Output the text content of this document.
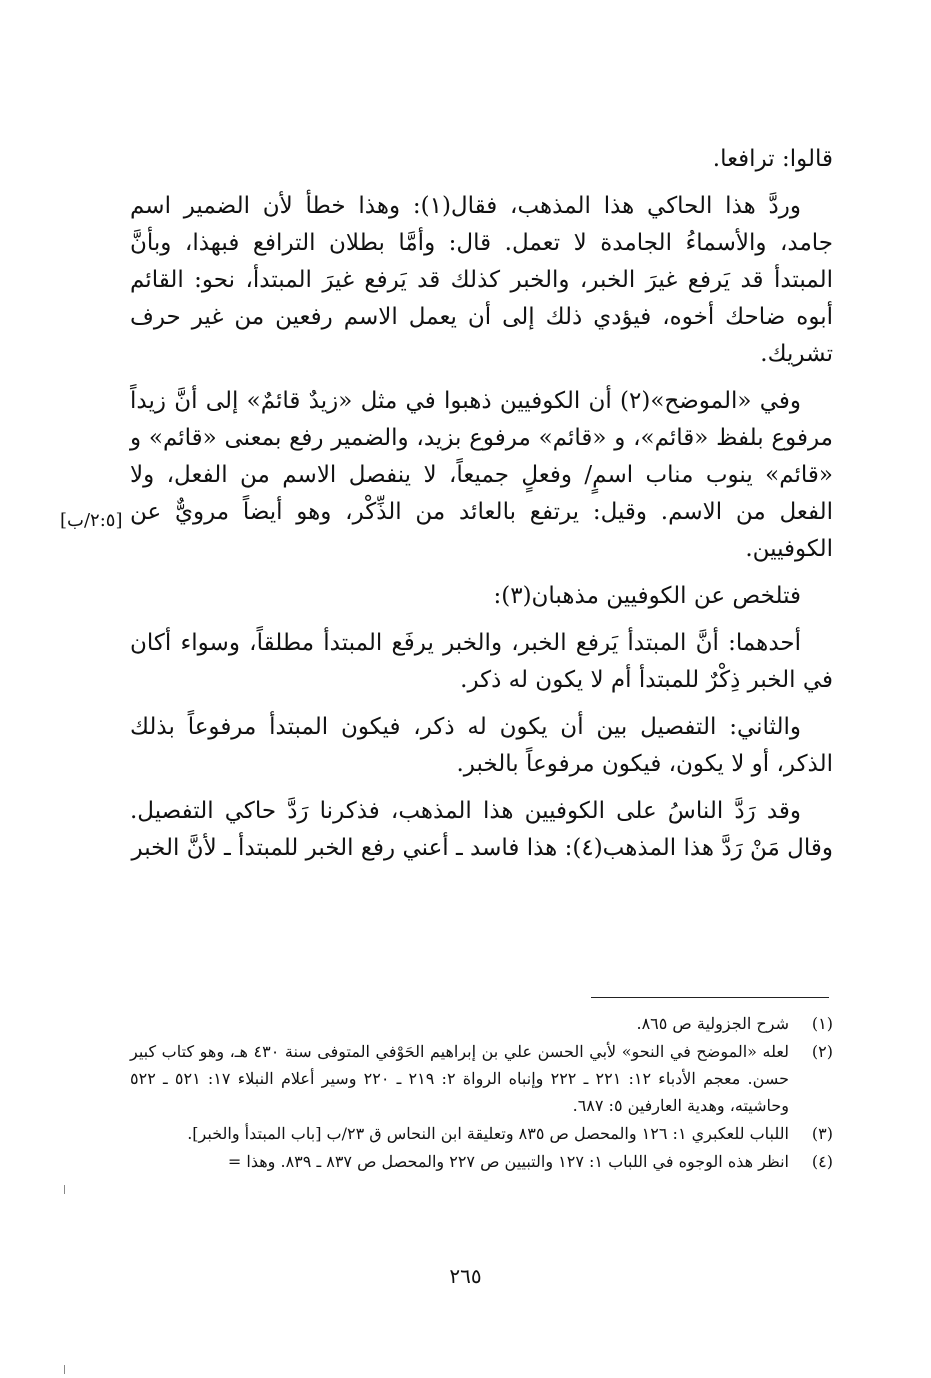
قالوا: ترافعا.

وردَّ هذا الحاكي هذا المذهب، فقال(١): وهذا خطأ لأن الضمير اسم جامد، والأسماءُ الجامدة لا تعمل. قال: وأمَّا بطلان الترافع فبهذا، وبأنَّ المبتدأ قد يَرفع غيرَ الخبر، والخبر كذلك قد يَرفع غيرَ المبتدأ، نحو: القائم أبوه ضاحك أخوه، فيؤدي ذلك إلى أن يعمل الاسم رفعين من غير حرف تشريك.

وفي «الموضح»(٢) أن الكوفيين ذهبوا في مثل «زيدٌ قائمٌ» إلى أنَّ زيداً مرفوع بلفظ «قائم»، و «قائم» مرفوع بزيد، والضمير رفع بمعنى «قائم» و «قائم» ينوب مناب اسمٍ/ وفعلٍ جميعاً، لا ينفصل الاسم من الفعل، ولا الفعل من الاسم. وقيل: يرتفع بالعائد من الذِّكْر، وهو أيضاً مرويٌّ عن الكوفيين.

فتلخص عن الكوفيين مذهبان(٣):

أحدهما: أنَّ المبتدأ يَرفع الخبر، والخبر يرفَع المبتدأ مطلقاً، وسواء أكان في الخبر ذِكْرٌ للمبتدأ أم لا يكون له ذكر.

والثاني: التفصيل بين أن يكون له ذكر، فيكون المبتدأ مرفوعاً بذلك الذكر، أو لا يكون، فيكون مرفوعاً بالخبر.

وقد رَدَّ الناسُ على الكوفيين هذا المذهب، فذكرنا رَدَّ حاكي التفصيل. وقال مَنْ رَدَّ هذا المذهب(٤): هذا فاسد ـ أعني رفع الخبر للمبتدأ ـ لأنَّ الخبر

[٢:٥/ب]
(١)
شرح الجزولية ص ٨٦٥.
(٢)
لعله «الموضح في النحو» لأبي الحسن علي بن إبراهيم الحَوْفي المتوفى سنة ٤٣٠ هـ، وهو كتاب كبير حسن. معجم الأدباء ١٢: ٢٢١ ـ ٢٢٢ وإنباه الرواة ٢: ٢١٩ ـ ٢٢٠ وسير أعلام النبلاء ١٧: ٥٢١ ـ ٥٢٢ وحاشيته، وهدية العارفين ٥: ٦٨٧.
(٣)
اللباب للعكبري ١: ١٢٦ والمحصل ص ٨٣٥ وتعليقة ابن النحاس ق ٢٣/ب [باب المبتدأ والخبر].
(٤)
انظر هذه الوجوه في اللباب ١: ١٢٧ والتبيين ص ٢٢٧ والمحصل ص ٨٣٧ ـ ٨٣٩. وهذا =
٢٦٥
